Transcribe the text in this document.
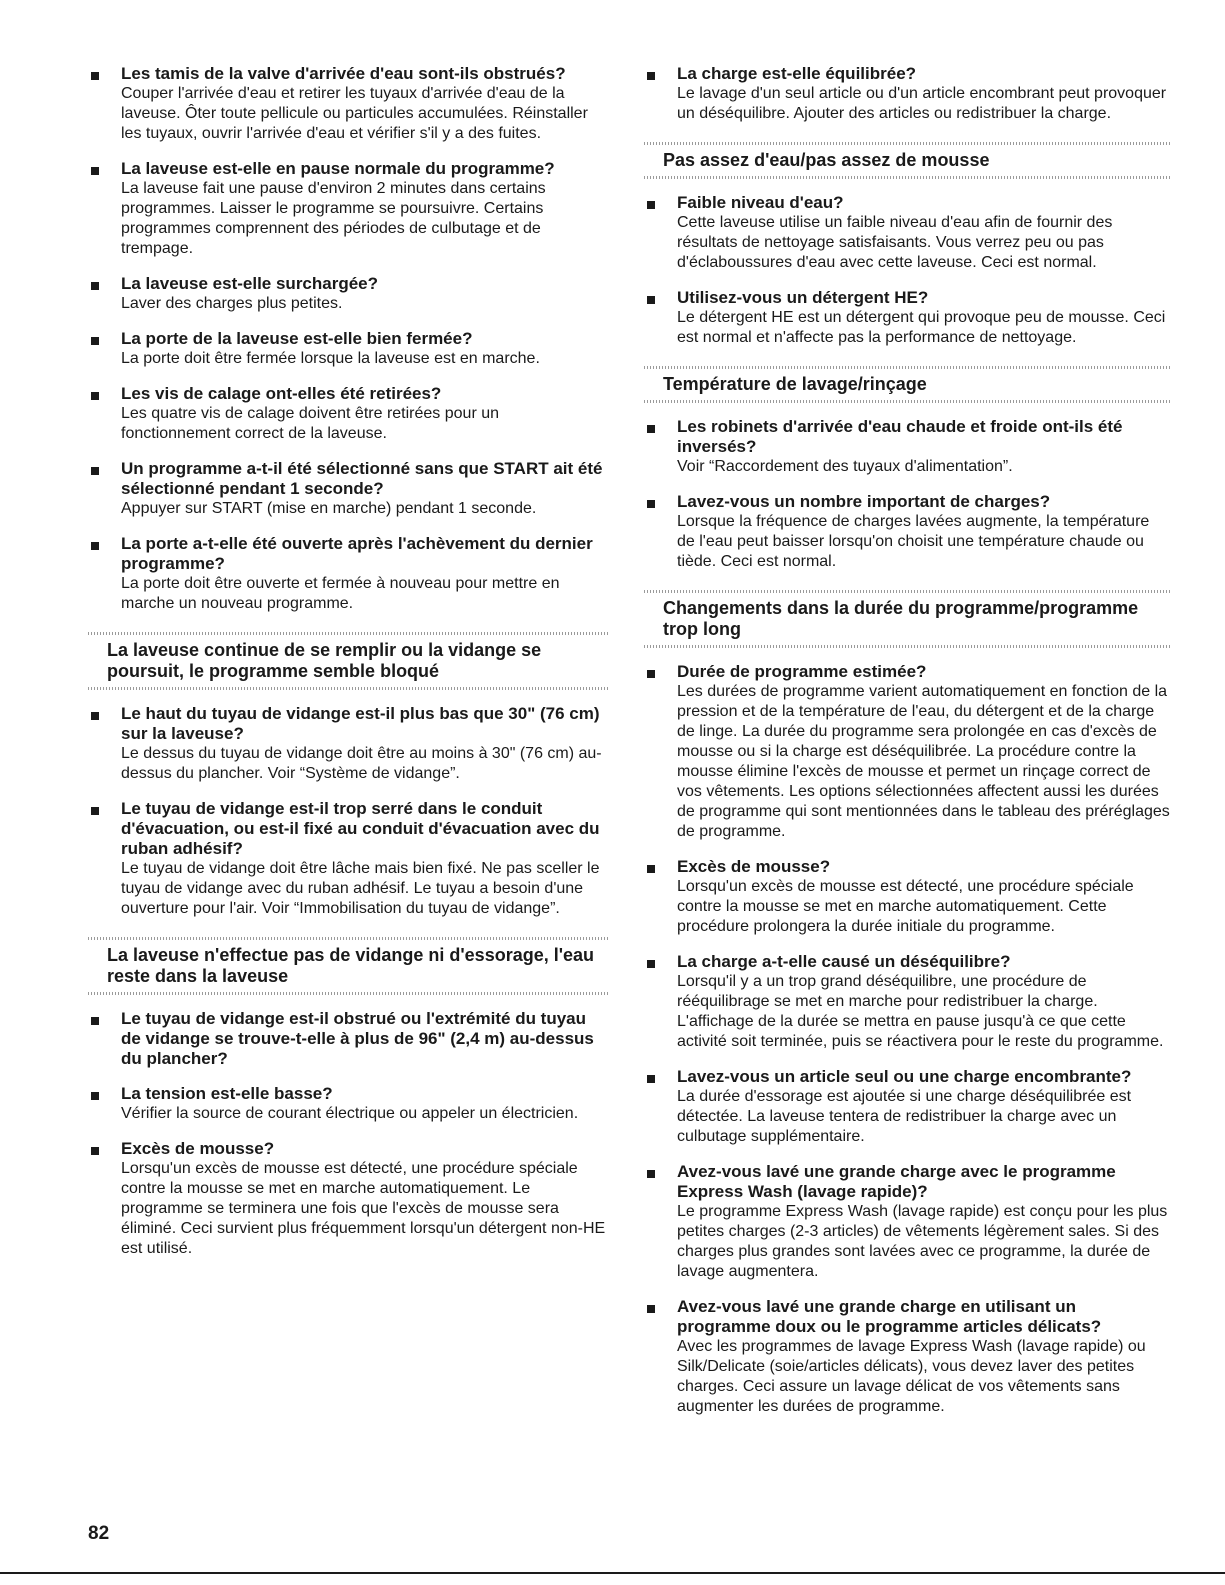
Les tamis de la valve d'arrivée d'eau sont-ils obstrués?

Couper l'arrivée d'eau et retirer les tuyaux d'arrivée d'eau de la laveuse. Ôter toute pellicule ou particules accumulées. Réinstaller les tuyaux, ouvrir l'arrivée d'eau et vérifier s'il y a des fuites.

La laveuse est-elle en pause normale du programme?

La laveuse fait une pause d'environ 2 minutes dans certains programmes. Laisser le programme se poursuivre. Certains programmes comprennent des périodes de culbutage et de trempage.

La laveuse est-elle surchargée?

Laver des charges plus petites.

La porte de la laveuse est-elle bien fermée?

La porte doit être fermée lorsque la laveuse est en marche.

Les vis de calage ont-elles été retirées?

Les quatre vis de calage doivent être retirées pour un fonctionnement correct de la laveuse.

Un programme a-t-il été sélectionné sans que START ait été sélectionné pendant 1 seconde?

Appuyer sur START (mise en marche) pendant 1 seconde.

La porte a-t-elle été ouverte après l'achèvement du dernier programme?

La porte doit être ouverte et fermée à nouveau pour mettre en marche un nouveau programme.

La laveuse continue de se remplir ou la vidange se poursuit, le programme semble bloqué

Le haut du tuyau de vidange est-il plus bas que 30" (76 cm) sur la laveuse?

Le dessus du tuyau de vidange doit être au moins à 30" (76 cm) au-dessus du plancher. Voir “Système de vidange”.

Le tuyau de vidange est-il trop serré dans le conduit d'évacuation, ou est-il fixé au conduit d'évacuation avec du ruban adhésif?

Le tuyau de vidange doit être lâche mais bien fixé. Ne pas sceller le tuyau de vidange avec du ruban adhésif. Le tuyau a besoin d'une ouverture pour l'air. Voir “Immobilisation du tuyau de vidange”.

La laveuse n'effectue pas de vidange ni d'essorage, l'eau reste dans la laveuse

Le tuyau de vidange est-il obstrué ou l'extrémité du tuyau de vidange se trouve-t-elle à plus de 96" (2,4 m) au-dessus du plancher?

La tension est-elle basse?

Vérifier la source de courant électrique ou appeler un électricien.

Excès de mousse?

Lorsqu'un excès de mousse est détecté, une procédure spéciale contre la mousse se met en marche automatiquement. Le programme se terminera une fois que l'excès de mousse sera éliminé. Ceci survient plus fréquemment lorsqu'un détergent non-HE est utilisé.

La charge est-elle équilibrée?

Le lavage d'un seul article ou d'un article encombrant peut provoquer un déséquilibre. Ajouter des articles ou redistribuer la charge.

Pas assez d'eau/pas assez de mousse

Faible niveau d'eau?

Cette laveuse utilise un faible niveau d'eau afin de fournir des résultats de nettoyage satisfaisants. Vous verrez peu ou pas d'éclaboussures d'eau avec cette laveuse. Ceci est normal.

Utilisez-vous un détergent HE?

Le détergent HE est un détergent qui provoque peu de mousse. Ceci est normal et n'affecte pas la performance de nettoyage.

Température de lavage/rinçage

Les robinets d'arrivée d'eau chaude et froide ont-ils été inversés?

Voir “Raccordement des tuyaux d'alimentation”.

Lavez-vous un nombre important de charges?

Lorsque la fréquence de charges lavées augmente, la température de l'eau peut baisser lorsqu'on choisit une température chaude ou tiède. Ceci est normal.

Changements dans la durée du programme/programme trop long

Durée de programme estimée?

Les durées de programme varient automatiquement en fonction de la pression et de la température de l'eau, du détergent et de la charge de linge. La durée du programme sera prolongée en cas d'excès de mousse ou si la charge est déséquilibrée. La procédure contre la mousse élimine l'excès de mousse et permet un rinçage correct de vos vêtements. Les options sélectionnées affectent aussi les durées de programme qui sont mentionnées dans le tableau des préréglages de programme.

Excès de mousse?

Lorsqu'un excès de mousse est détecté, une procédure spéciale contre la mousse se met en marche automatiquement. Cette procédure prolongera la durée initiale du programme.

La charge a-t-elle causé un déséquilibre?

Lorsqu'il y a un trop grand déséquilibre, une procédure de rééquilibrage se met en marche pour redistribuer la charge. L'affichage de la durée se mettra en pause jusqu'à ce que cette activité soit terminée, puis se réactivera pour le reste du programme.

Lavez-vous un article seul ou une charge encombrante?

La durée d'essorage est ajoutée si une charge déséquilibrée est détectée. La laveuse tentera de redistribuer la charge avec un culbutage supplémentaire.

Avez-vous lavé une grande charge avec le programme Express Wash (lavage rapide)?

Le programme Express Wash (lavage rapide) est conçu pour les plus petites charges (2-3 articles) de vêtements légèrement sales. Si des charges plus grandes sont lavées avec ce programme, la durée de lavage augmentera.

Avez-vous lavé une grande charge en utilisant un programme doux ou le programme articles délicats?

Avec les programmes de lavage Express Wash (lavage rapide) ou Silk/Delicate (soie/articles délicats), vous devez laver des petites charges. Ceci assure un lavage délicat de vos vêtements sans augmenter les durées de programme.

82
